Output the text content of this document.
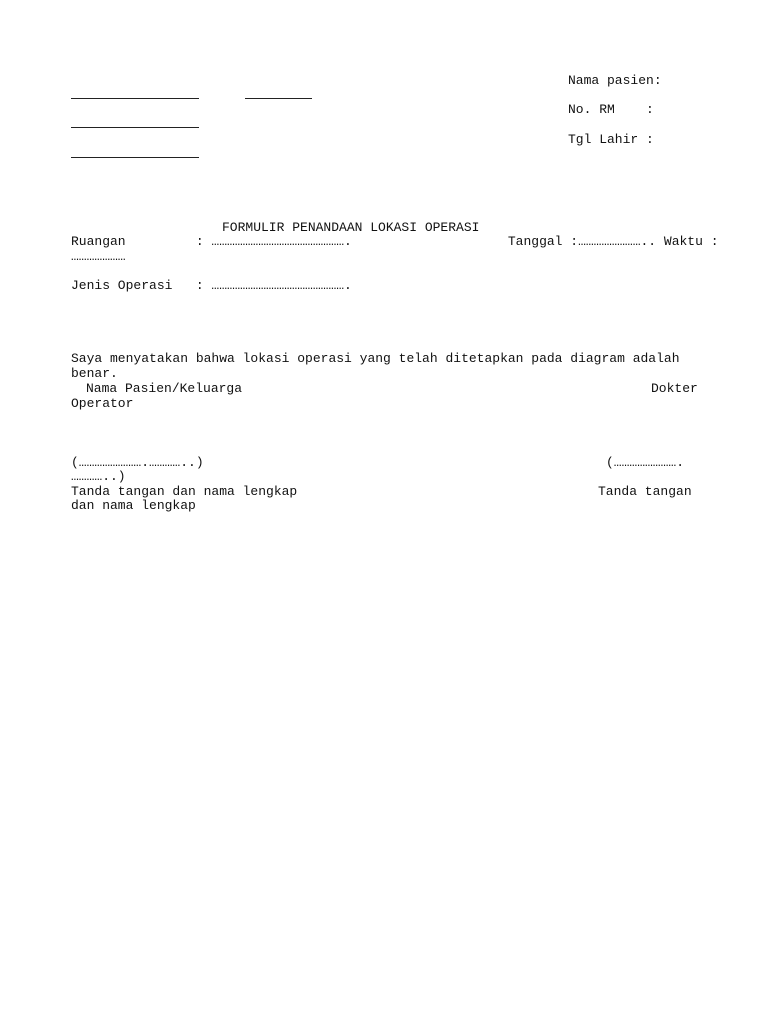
Nama pasien:
No. RM    :
Tgl Lahir :
FORMULIR PENANDAAN LOKASI OPERASI
Ruangan         : …………………………………………….                    Tanggal :…………………….. Waktu :
…………………
Jenis Operasi   : …………………………………………….
Saya menyatakan bahwa lokasi operasi yang telah ditetapkan pada diagram adalah
benar.
Nama Pasien/Keluarga	Dokter
Operator
(…………………….…………..)	(…………………….
…………..)
Tanda tangan dan nama lengkap	Tanda tangan
dan nama lengkap
